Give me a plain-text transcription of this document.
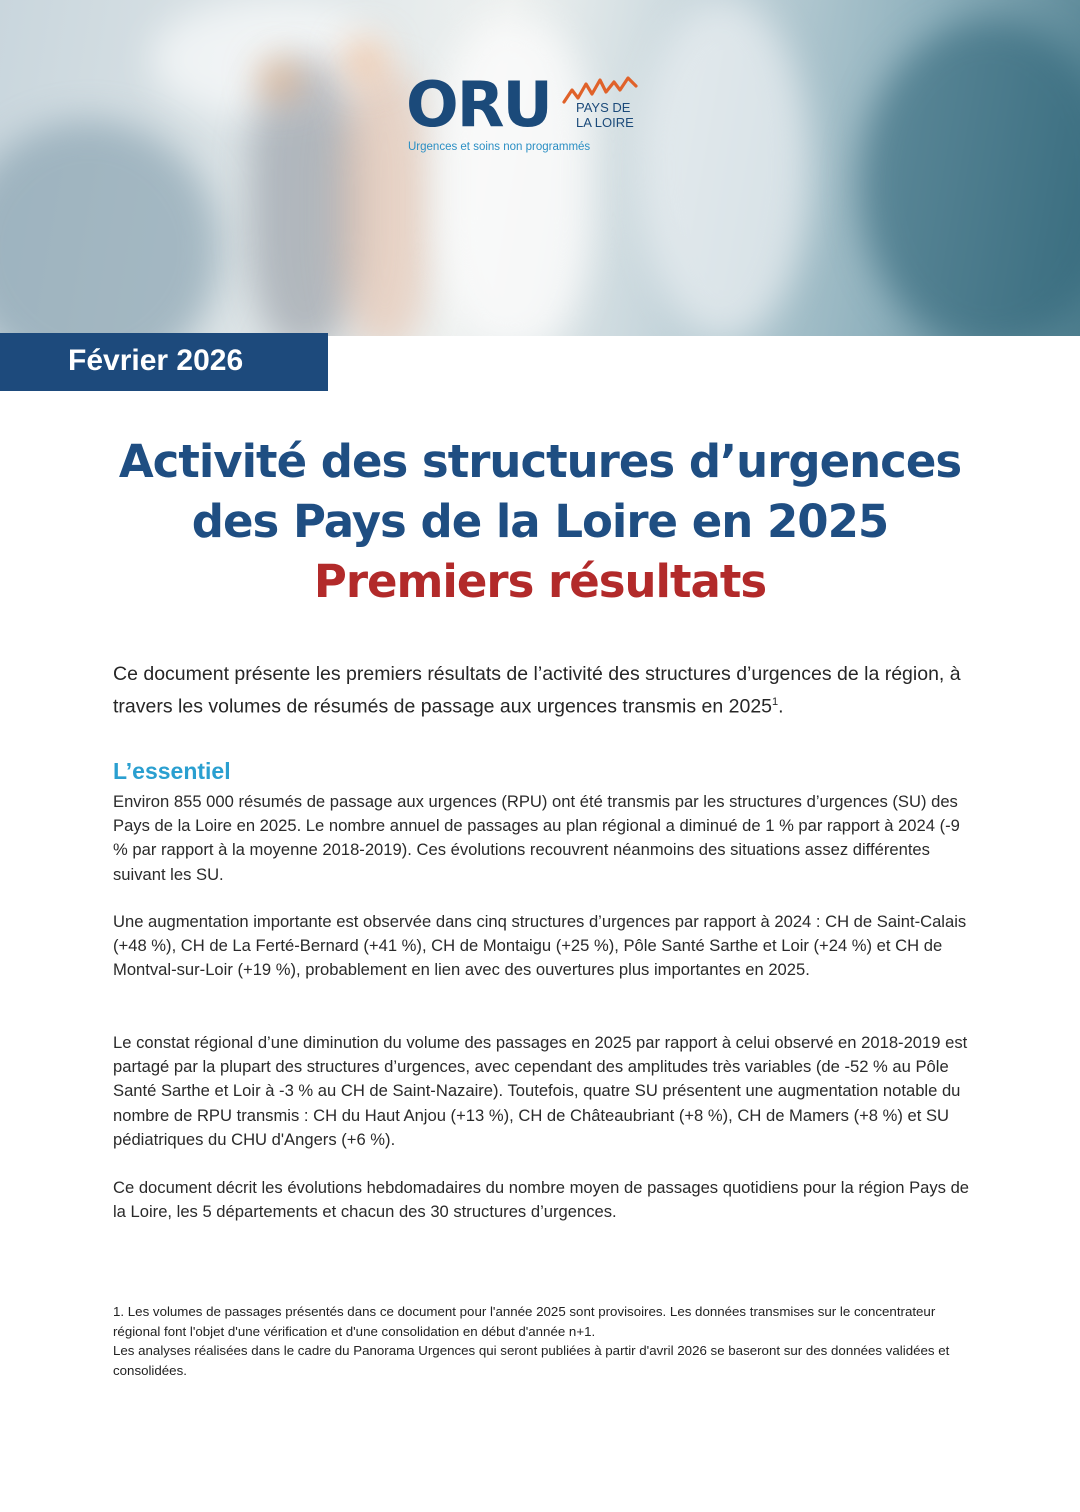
ORU PAYS DE
LA LOIRE
Urgences et soins non programmés
Février 2026
Activité des structures d’urgences
des Pays de la Loire en 2025
Premiers résultats
Ce document présente les premiers résultats de l’activité des structures d’urgences de la région, à travers les volumes de résumés de passage aux urgences transmis en 2025$^1$.
L’essentiel
Environ 855 000 résumés de passage aux urgences (RPU) ont été transmis par les structures d’urgences (SU) des Pays de la Loire en 2025. Le nombre annuel de passages au plan régional a diminué de 1 % par rapport à 2024 (-9 % par rapport à la moyenne 2018-2019). Ces évolutions recouvrent néanmoins des situations assez différentes suivant les SU.
Une augmentation importante est observée dans cinq structures d’urgences par rapport à 2024 : CH de Saint-Calais (+48 %), CH de La Ferté-Bernard (+41 %), CH de Montaigu (+25 %), Pôle Santé Sarthe et Loir (+24 %) et CH de Montval-sur-Loir (+19 %), probablement en lien avec des ouvertures plus importantes en 2025.
Le constat régional d’une diminution du volume des passages en 2025 par rapport à celui observé en 2018-2019 est partagé par la plupart des structures d’urgences, avec cependant des amplitudes très variables (de -52 % au Pôle Santé Sarthe et Loir à -3 % au CH de Saint-Nazaire). Toutefois, quatre SU présentent une augmentation notable du nombre de RPU transmis : CH du Haut Anjou (+13 %), CH de Châteaubriant (+8 %), CH de Mamers (+8 %) et SU pédiatriques du CHU d'Angers (+6 %).
Ce document décrit les évolutions hebdomadaires du nombre moyen de passages quotidiens pour la région Pays de la Loire, les 5 départements et chacun des 30 structures d’urgences.
1. Les volumes de passages présentés dans ce document pour l'année 2025 sont provisoires. Les données transmises sur le concentrateur régional font l'objet d'une vérification et d'une consolidation en début d'année n+1.
Les analyses réalisées dans le cadre du Panorama Urgences qui seront publiées à partir d'avril 2026 se baseront sur des données validées et consolidées.
